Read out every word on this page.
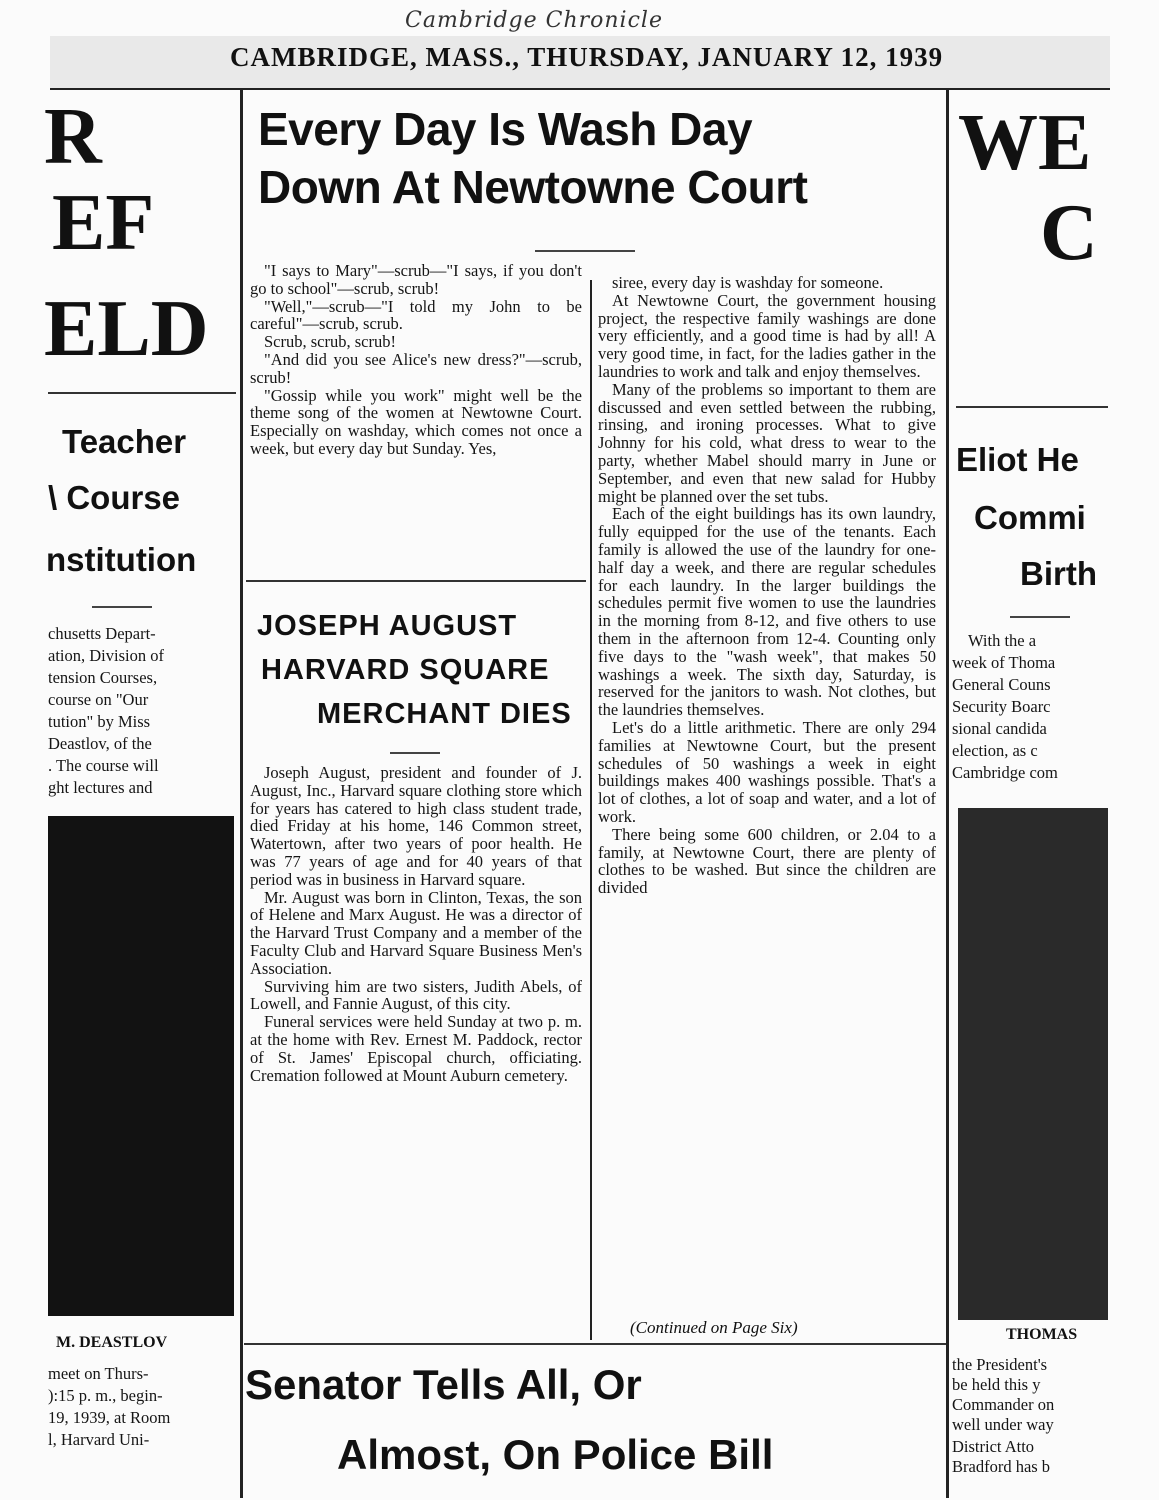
Cambridge Chronicle
CAMBRIDGE, MASS., THURSDAY, JANUARY 12, 1939
R
EF
ELD
Teacher
\ Course
nstitution
chusetts Depart-
ation, Division of
tension Courses,
course on "Our
tution" by Miss
Deastlov, of the
. The course will
ght lectures and
M. DEASTLOV
meet on Thurs-
):15 p. m., begin-
19, 1939, at Room
l, Harvard Uni-
Every Day Is Wash Day
Down At Newtowne Court

"I says to Mary"—scrub—"I says, if you don't go to school"—scrub, scrub!

"Well,"—scrub—"I told my John to be careful"—scrub, scrub.

Scrub, scrub, scrub!

"And did you see Alice's new dress?"—scrub, scrub!

"Gossip while you work" might well be the theme song of the women at Newtowne Court. Especially on washday, which comes not once a week, but every day but Sunday. Yes,

JOSEPH AUGUST
HARVARD SQUARE
MERCHANT DIES

Joseph August, president and founder of J. August, Inc., Harvard square clothing store which for years has catered to high class student trade, died Friday at his home, 146 Common street, Watertown, after two years of poor health. He was 77 years of age and for 40 years of that period was in business in Harvard square.

Mr. August was born in Clinton, Texas, the son of Helene and Marx August. He was a director of the Harvard Trust Company and a member of the Faculty Club and Harvard Square Business Men's Association.

Surviving him are two sisters, Judith Abels, of Lowell, and Fannie August, of this city.

Funeral services were held Sunday at two p. m. at the home with Rev. Ernest M. Paddock, rector of St. James' Episcopal church, officiating. Cremation followed at Mount Auburn cemetery.

siree, every day is washday for someone.

At Newtowne Court, the government housing project, the respective family washings are done very efficiently, and a good time is had by all! A very good time, in fact, for the ladies gather in the laundries to work and talk and enjoy themselves.

Many of the problems so important to them are discussed and even settled between the rubbing, rinsing, and ironing processes. What to give Johnny for his cold, what dress to wear to the party, whether Mabel should marry in June or September, and even that new salad for Hubby might be planned over the set tubs.

Each of the eight buildings has its own laundry, fully equipped for the use of the tenants. Each family is allowed the use of the laundry for one-half day a week, and there are regular schedules for each laundry. In the larger buildings the schedules permit five women to use the laundries in the morning from 8-12, and five others to use them in the afternoon from 12-4. Counting only five days to the "wash week", that makes 50 washings a week. The sixth day, Saturday, is reserved for the janitors to wash. Not clothes, but the laundries themselves.

Let's do a little arithmetic. There are only 294 families at Newtowne Court, but the present schedules of 50 washings a week in eight buildings makes 400 washings possible. That's a lot of clothes, a lot of soap and water, and a lot of work.

There being some 600 children, or 2.04 to a family, at Newtowne Court, there are plenty of clothes to be washed. But since the children are divided

(Continued on Page Six)
Senator Tells All, Or
Almost, On Police Bill
WE
C
Eliot He
Commi
Birth
With the a
week of Thoma
General Couns
Security Boarc
sional candida
election, as c
Cambridge com
THOMAS
the President's
be held this y
Commander on
well under way
District Atto
Bradford has b
